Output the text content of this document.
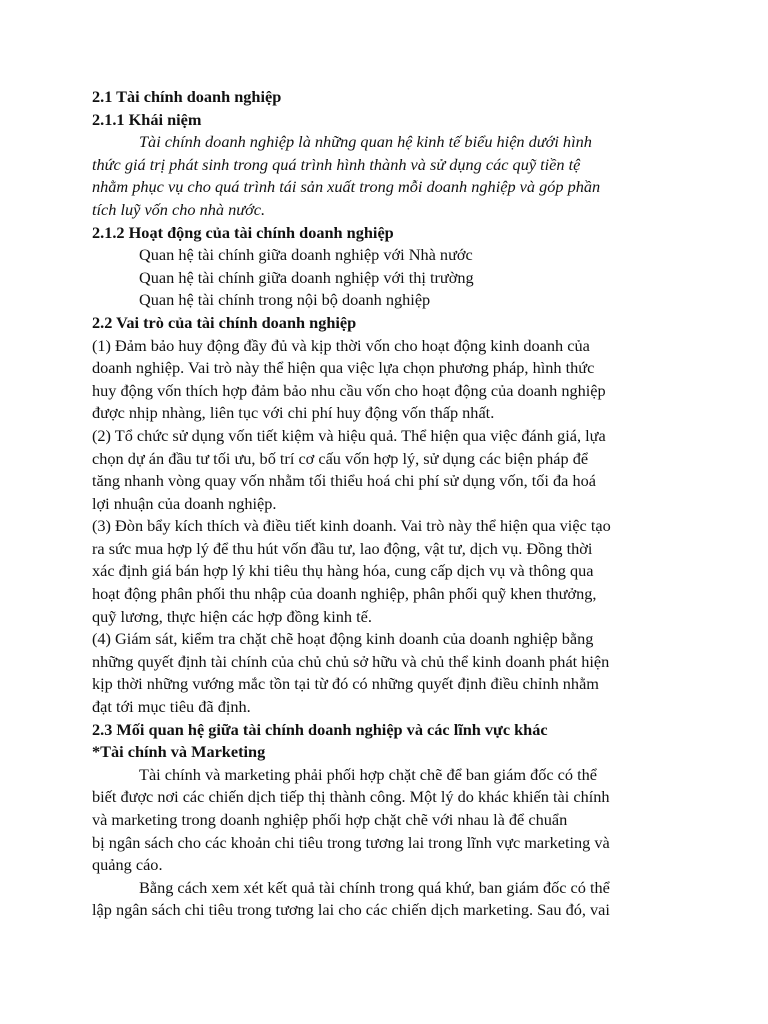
2.1 Tài chính doanh nghiệp
2.1.1 Khái niệm
Tài chính doanh nghiệp là những quan hệ kinh tế biểu hiện dưới hình
thức giá trị phát sinh trong quá trình hình thành và sử dụng các quỹ tiền tệ
nhằm phục vụ cho quá trình tái sản xuất trong mỗi doanh nghiệp và góp phần
tích luỹ vốn cho nhà nước.
2.1.2 Hoạt động của tài chính doanh nghiệp
Quan hệ tài chính giữa doanh nghiệp với Nhà nước
Quan hệ tài chính giữa doanh nghiệp với thị trường
Quan hệ tài chính trong nội bộ doanh nghiệp
2.2 Vai trò của tài chính doanh nghiệp
(1) Đảm bảo huy động đầy đủ và kịp thời vốn cho hoạt động kinh doanh của
doanh nghiệp. Vai trò này thể hiện qua việc lựa chọn phương pháp, hình thức
huy động vốn thích hợp đảm bảo nhu cầu vốn cho hoạt động của doanh nghiệp
được nhịp nhàng, liên tục với chi phí huy động vốn thấp nhất.
(2) Tổ chức sử dụng vốn tiết kiệm và hiệu quả. Thể hiện qua việc đánh giá, lựa
chọn dự án đầu tư tối ưu, bố trí cơ cấu vốn hợp lý, sử dụng các biện pháp để
tăng nhanh vòng quay vốn nhằm tối thiểu hoá chi phí sử dụng vốn, tối đa hoá
lợi nhuận của doanh nghiệp.
(3) Đòn bẩy kích thích và điều tiết kinh doanh. Vai trò này thể hiện qua việc tạo
ra sức mua hợp lý để thu hút vốn đầu tư, lao động, vật tư, dịch vụ. Đồng thời
xác định giá bán hợp lý khi tiêu thụ hàng hóa, cung cấp dịch vụ và thông qua
hoạt động phân phối thu nhập của doanh nghiệp, phân phối quỹ khen thưởng,
quỹ lương, thực hiện các hợp đồng kinh tế.
(4) Giám sát, kiểm tra chặt chẽ hoạt động kinh doanh của doanh nghiệp bằng
những quyết định tài chính của chủ chủ sở hữu và chủ thể kinh doanh phát hiện
kịp thời những vướng mắc tồn tại từ đó có những quyết định điều chỉnh nhằm
đạt tới mục tiêu đã định.
2.3 Mối quan hệ giữa tài chính doanh nghiệp và các lĩnh vực khác
*Tài chính và Marketing
Tài chính và marketing phải phối hợp chặt chẽ để ban giám đốc có thể
biết được nơi các chiến dịch tiếp thị thành công. Một lý do khác khiến tài chính
và marketing trong doanh nghiệp phối hợp chặt chẽ với nhau là để chuẩn
bị ngân sách cho các khoản chi tiêu trong tương lai trong lĩnh vực marketing và
quảng cáo.
Bằng cách xem xét kết quả tài chính trong quá khứ, ban giám đốc có thể
lập ngân sách chi tiêu trong tương lai cho các chiến dịch marketing. Sau đó, vai
